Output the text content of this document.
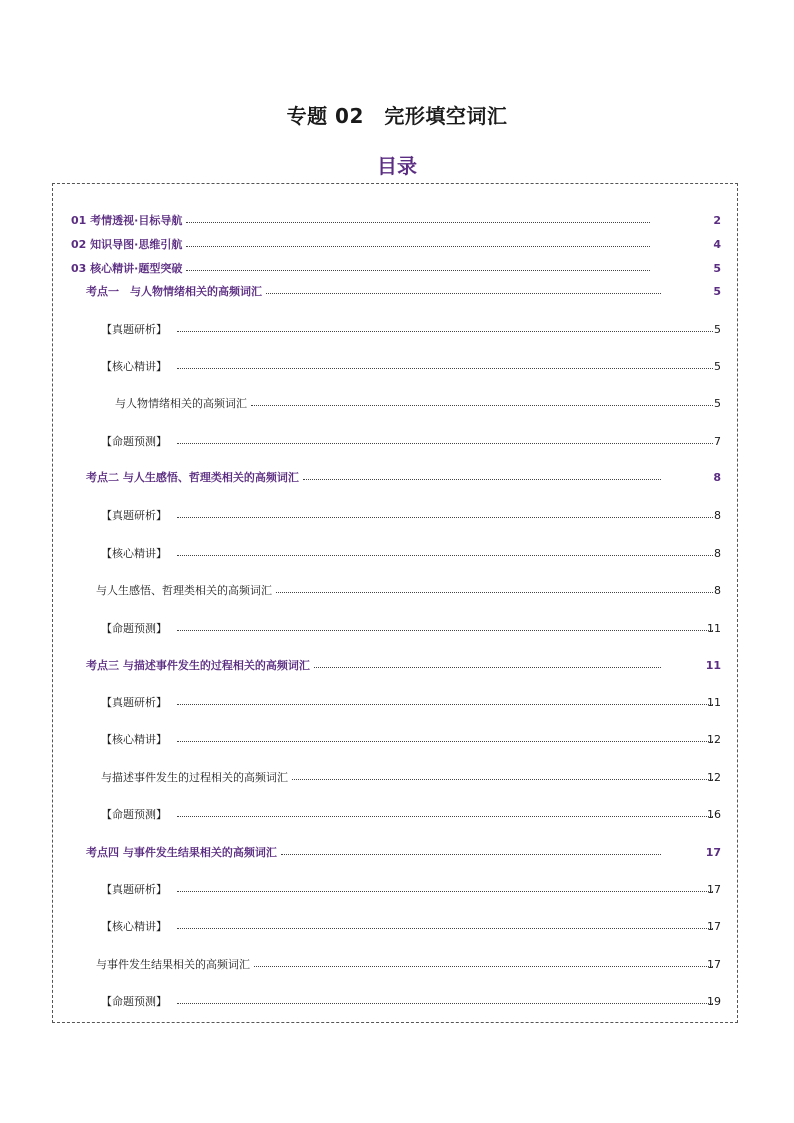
专题 02　完形填空词汇
目录
01 考情透视·目标导航	2
02 知识导图·思维引航	4
03 核心精讲·题型突破	5
考点一　与人物情绪相关的高频词汇	5
【真题研析】	5
【核心精讲】	5
与人物情绪相关的高频词汇	5
【命题预测】	7
考点二 与人生感悟、哲理类相关的高频词汇	8
【真题研析】	8
【核心精讲】	8
与人生感悟、哲理类相关的高频词汇	8
【命题预测】	11
考点三 与描述事件发生的过程相关的高频词汇	11
【真题研析】	11
【核心精讲】	12
与描述事件发生的过程相关的高频词汇	12
【命题预测】	16
考点四 与事件发生结果相关的高频词汇	17
【真题研析】	17
【核心精讲】	17
与事件发生结果相关的高频词汇	17
【命题预测】	19
